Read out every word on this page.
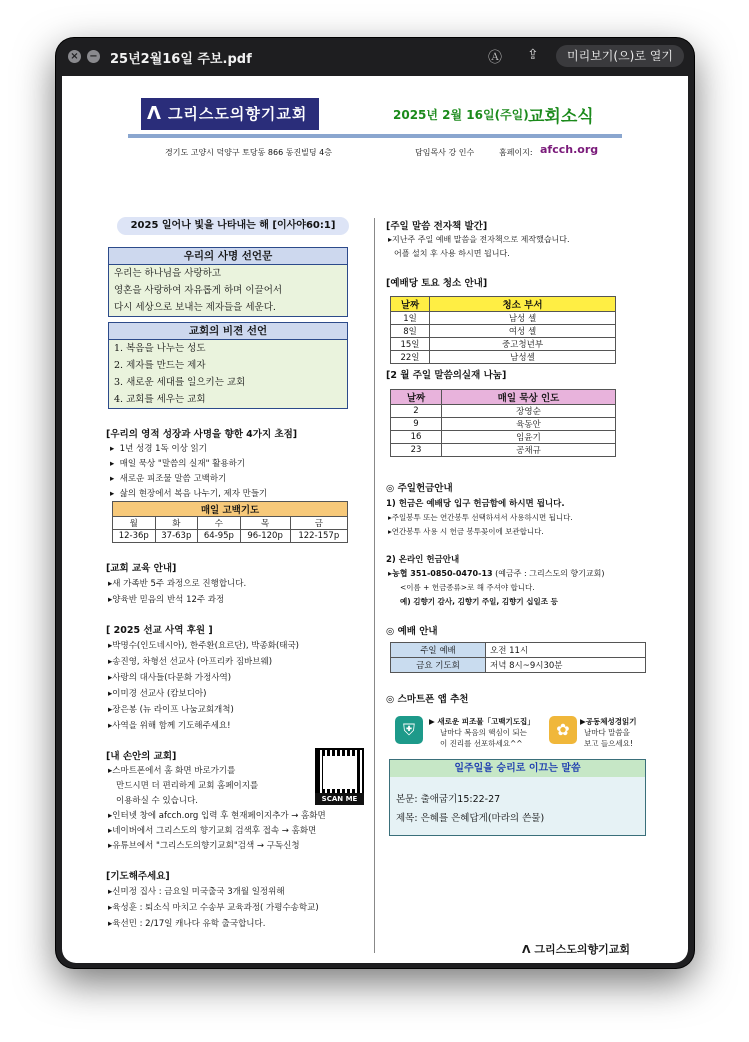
× − 25년2월16일 주보.pdf	Ⓐ ⇪	미리보기(으)로 열기
Ʌ 그리스도의향기교회	2025년 2월 16일(주일) 교회소식
경기도 고양시 덕양구 토당동 866 동진빌딩 4층	담임목사 강 인수	홈페이지: afcch.org
2025 일어나 빛을 나타내는 해 [이사야60:1]
우리의 사명 선언문
우리는 하나님을 사랑하고
영혼을 사랑하여 자유롭게 하며 이끌어서
다시 세상으로 보내는 제자들을 세운다.
교회의 비젼 선언
1. 복음을 나누는 성도
2. 제자를 만드는 제자
3. 새로운 세대를 일으키는 교회
4. 교회를 세우는 교회
[우리의 영적 성장과 사명을 향한 4가지 초점]
▸  1년 성경 1독 이상 읽기
▸  매일 묵상 "말씀의 실재" 활용하기
▸  새로운 피조물 말씀 고백하기
▸  삶의 현장에서 복음 나누기, 제자 만들기
매일 고백기도				
월	화	수	목	금
12-36p	37-63p	64-95p	96-120p	122-157p
[교회 교육 안내]
▸새 가족반 5주 과정으로 진행합니다.
▸양육반 믿음의 반석 12주 과정
[ 2025 선교 사역 후원 ]
▸박명수(인도네시아), 한주환(요르단), 박종화(태국)
▸송진영, 차형선 선교사 (아프리카 짐바브웨)
▸사랑의 대사들(다문화 가정사역)
▸이미경 선교사 (캄보디아)
▸장은봉 (뉴 라이프 나눔교회개척)
▸사역을 위해 함께 기도해주세요!
[내 손안의 교회]
▸스마트폰에서 홈 화면 바로가기를
만드시면 더 편리하게 교회 홈페이지를
이용하실 수 있습니다.
▸인터넷 창에 afcch.org 입력 후 현재페이지추가 → 홈화면
▸네이버에서 그리스도의 향기교회 검색후 접속 → 홈화면
▸유튜브에서 "그리스도의향기교회"검색 → 구독신청
SCAN ME
[기도해주세요]
▸신미정 집사 : 금요일 미국출국 3개월 일정위해
▸육성훈 : 퇴소식 마치고 수송부 교육과정( 가평수송학교)
▸육선민 : 2/17일 캐나다 유학 출국합니다.
[주일 말씀 전자책 발간]
▸지난주 주일 예배 말씀을 전자책으로 제작했습니다.
어플 설치 후 사용 하시면 됩니다.
[예배당 토요 청소 안내]
날짜	청소 부서
1일	남성 셀
8일	여성 셀
15일	중고청년부
22일	남성셀
[2 월 주일 말씀의실재 나눔]
날짜	매일 묵상 인도
2	장영순
9	육동안
16	임윤기
23	공채규
◎ 주일헌금안내
1) 헌금은 예배당 입구 헌금함에 하시면 됩니다.
▸주일봉투 또는 연간봉투 선택하셔서 사용하시면 됩니다.
▸연간봉투 사용 시 헌금 봉투꽂이에 보관합니다.
2) 온라인 헌금안내
▸농협 351-0850-0470-13 (예금주 : 그리스도의 향기교회)
<이름 + 헌금종류>로 해 주셔야 합니다.
예) 김향기 감사, 김향기 주일, 김향기 십일조 등
◎ 예배 안내
주일 예배	오전 11시
금요 기도회	저녁 8시~9시30분
◎ 스마트폰 앱 추천
⛨	▶ 새로운 피조물「고백기도집」
날마다 복음의 핵심이 되는
이 진리를 선포하세요^^
✿	▶공동체성경읽기
날마다 말씀을
보고 들으세요!
일주일을 승리로 이끄는 말씀
본문: 출애굽기15:22-27
제목: 은혜를 은혜답게(마라의 쓴물)
Ʌ 그리스도의향기교회
